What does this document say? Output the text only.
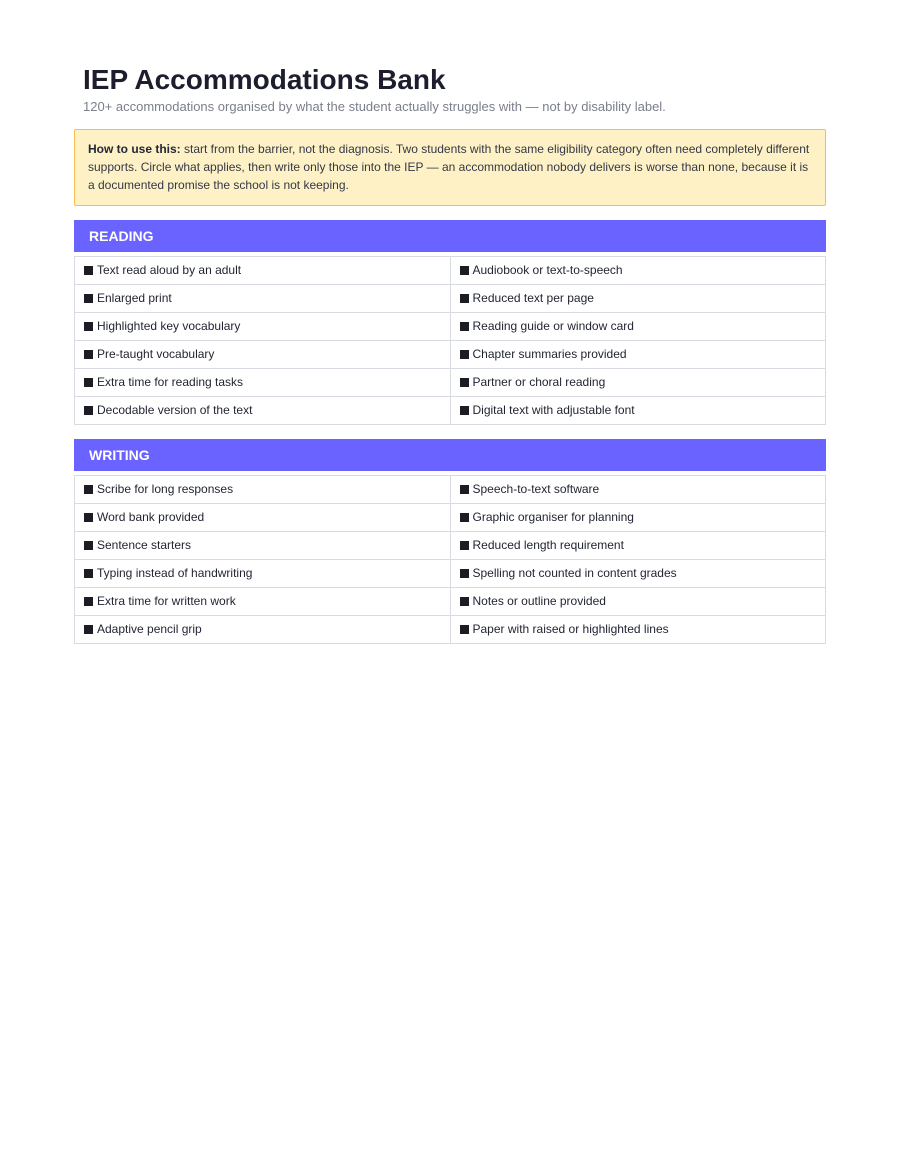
IEP Accommodations Bank
120+ accommodations organised by what the student actually struggles with — not by disability label.
How to use this: start from the barrier, not the diagnosis. Two students with the same eligibility category often need completely different supports. Circle what applies, then write only those into the IEP — an accommodation nobody delivers is worse than none, because it is a documented promise the school is not keeping.
READING
Text read aloud by an adult	Audiobook or text-to-speech
Enlarged print	Reduced text per page
Highlighted key vocabulary	Reading guide or window card
Pre-taught vocabulary	Chapter summaries provided
Extra time for reading tasks	Partner or choral reading
Decodable version of the text	Digital text with adjustable font
WRITING
Scribe for long responses	Speech-to-text software
Word bank provided	Graphic organiser for planning
Sentence starters	Reduced length requirement
Typing instead of handwriting	Spelling not counted in content grades
Extra time for written work	Notes or outline provided
Adaptive pencil grip	Paper with raised or highlighted lines
